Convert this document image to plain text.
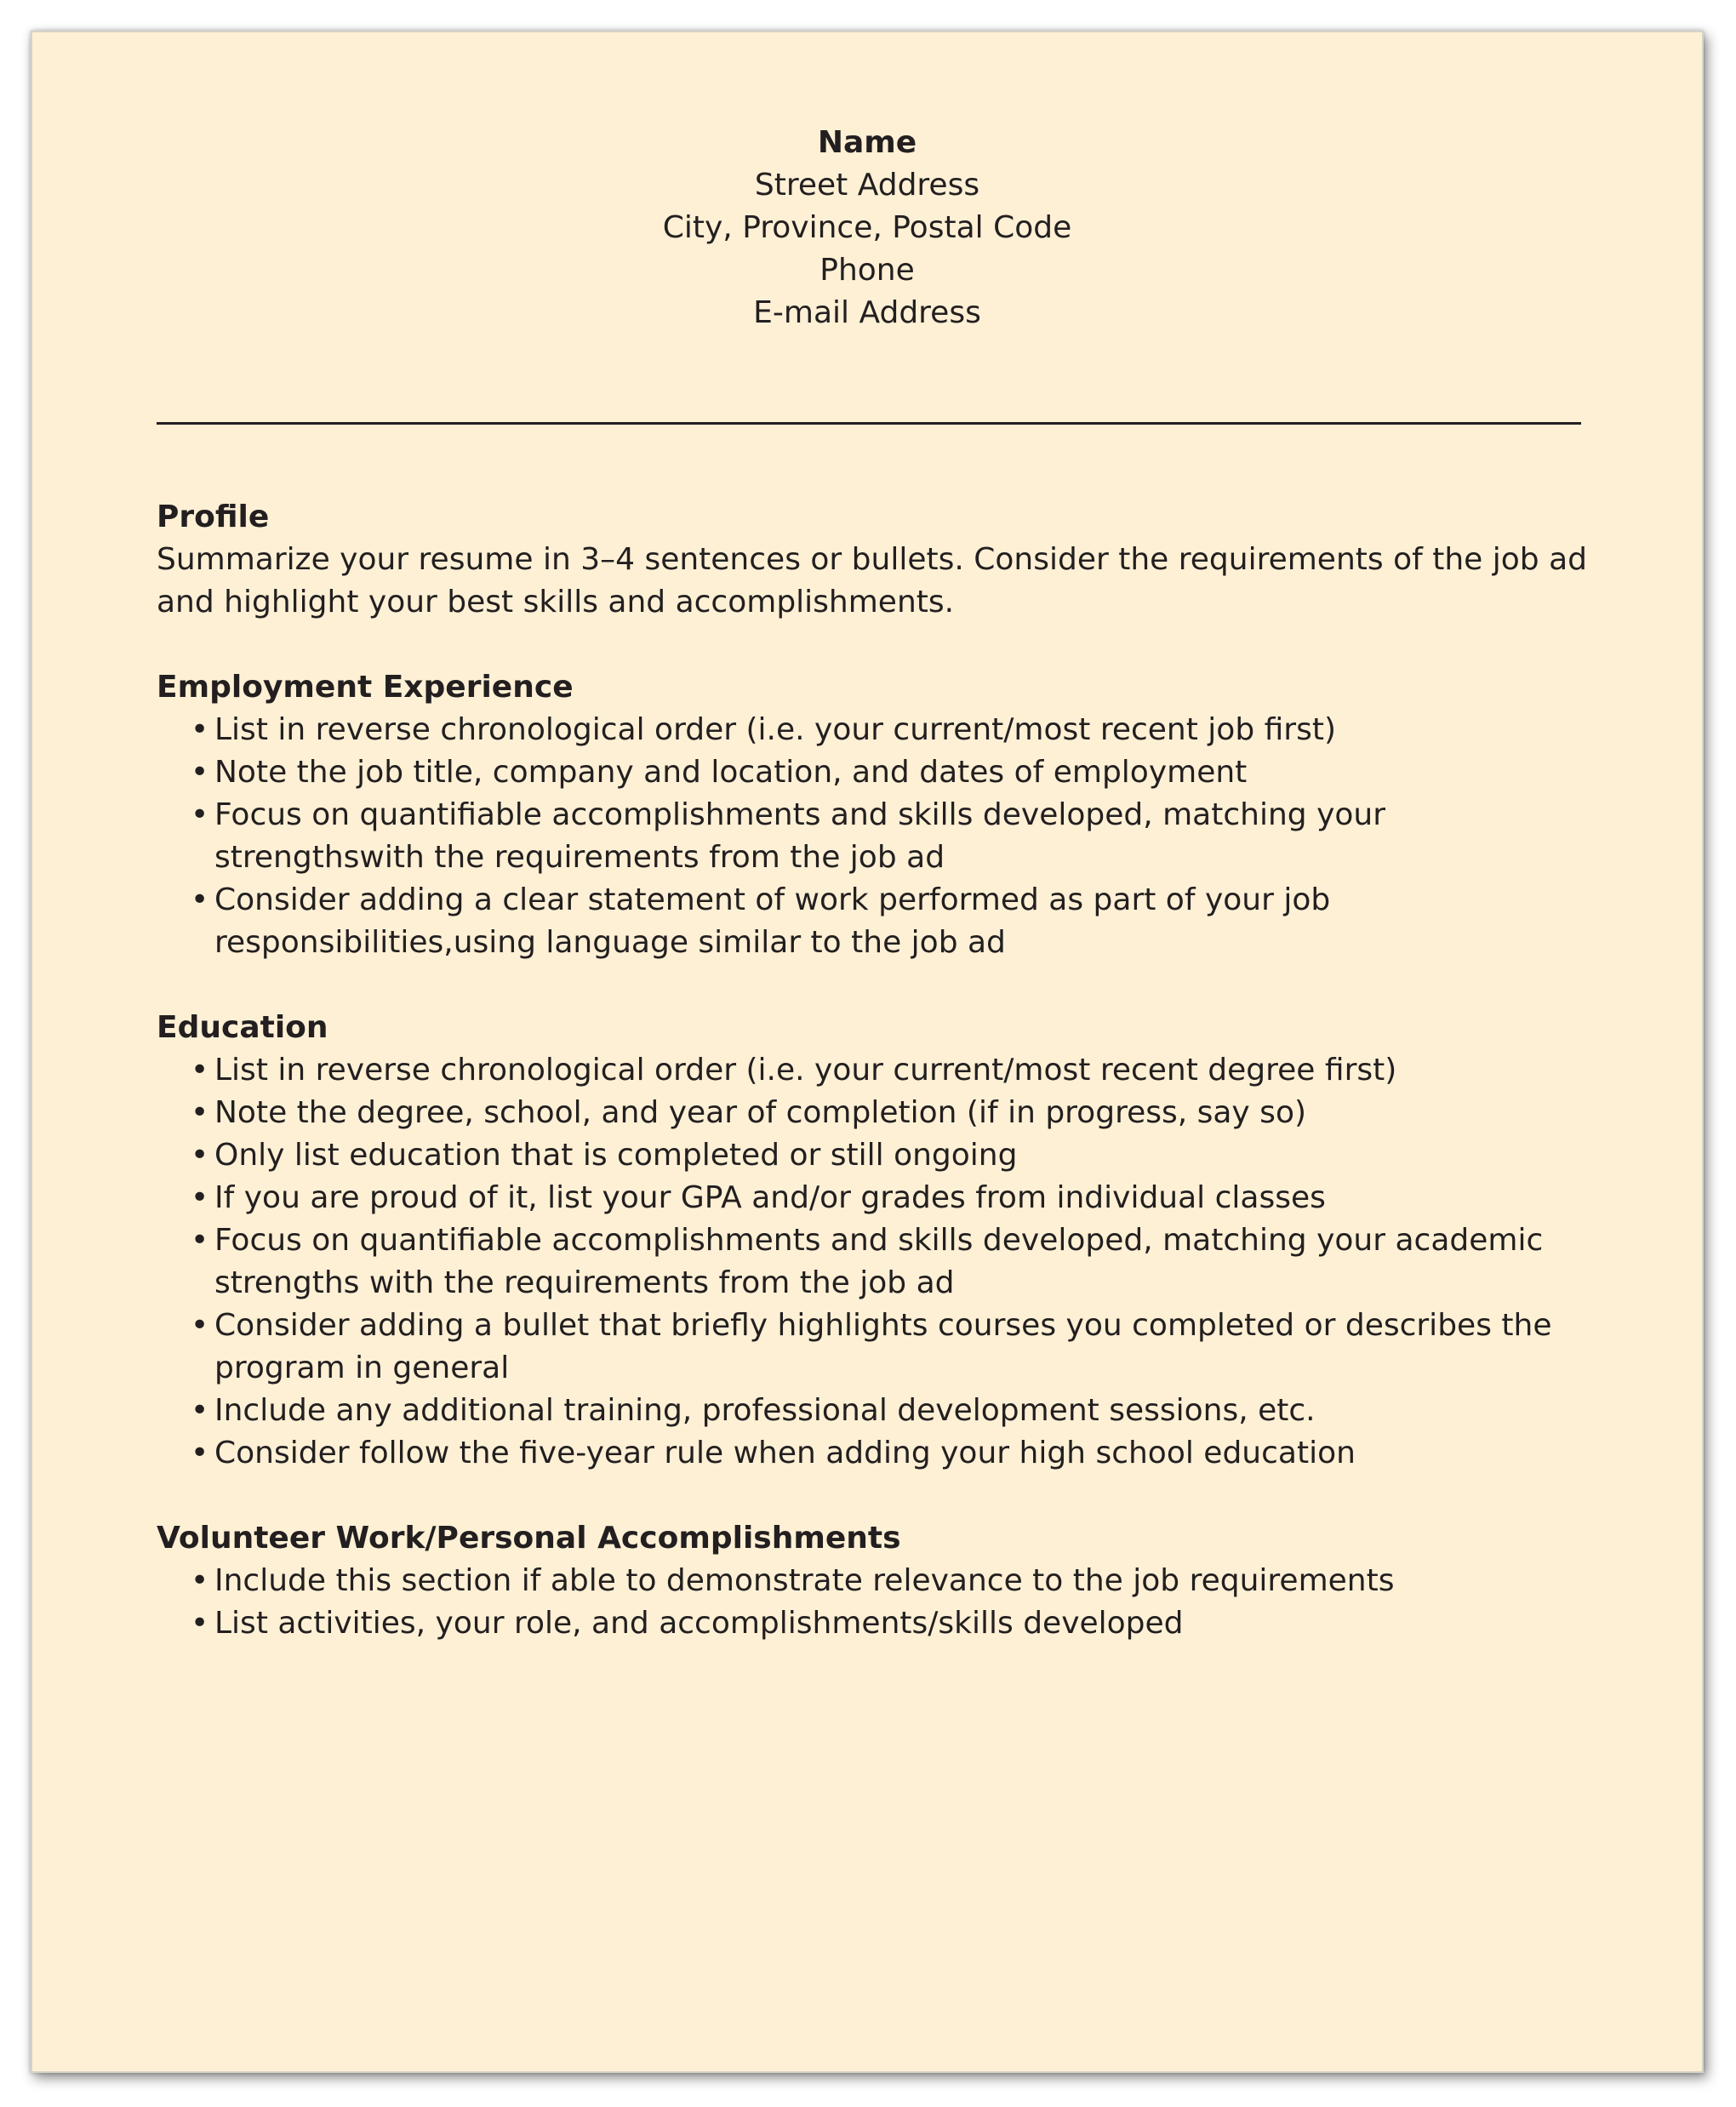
Name
Street Address
City, Province, Postal Code
Phone
E-mail Address
Profile
Summarize your resume in 3–4 sentences or bullets. Consider the requirements of the job ad and highlight your best skills and accomplishments.
Employment Experience
• List in reverse chronological order (i.e. your current/most recent job first)
• Note the job title, company and location, and dates of employment
• Focus on quantifiable accomplishments and skills developed, matching your strengthswith the requirements from the job ad
• Consider adding a clear statement of work performed as part of your job responsibilities,using language similar to the job ad
Education
• List in reverse chronological order (i.e. your current/most recent degree first)
• Note the degree, school, and year of completion (if in progress, say so)
• Only list education that is completed or still ongoing
• If you are proud of it, list your GPA and/or grades from individual classes
• Focus on quantifiable accomplishments and skills developed, matching your academic strengths with the requirements from the job ad
• Consider adding a bullet that briefly highlights courses you completed or describes the program in general
• Include any additional training, professional development sessions, etc.
• Consider follow the five-year rule when adding your high school education
Volunteer Work/Personal Accomplishments
• Include this section if able to demonstrate relevance to the job requirements
• List activities, your role, and accomplishments/skills developed
